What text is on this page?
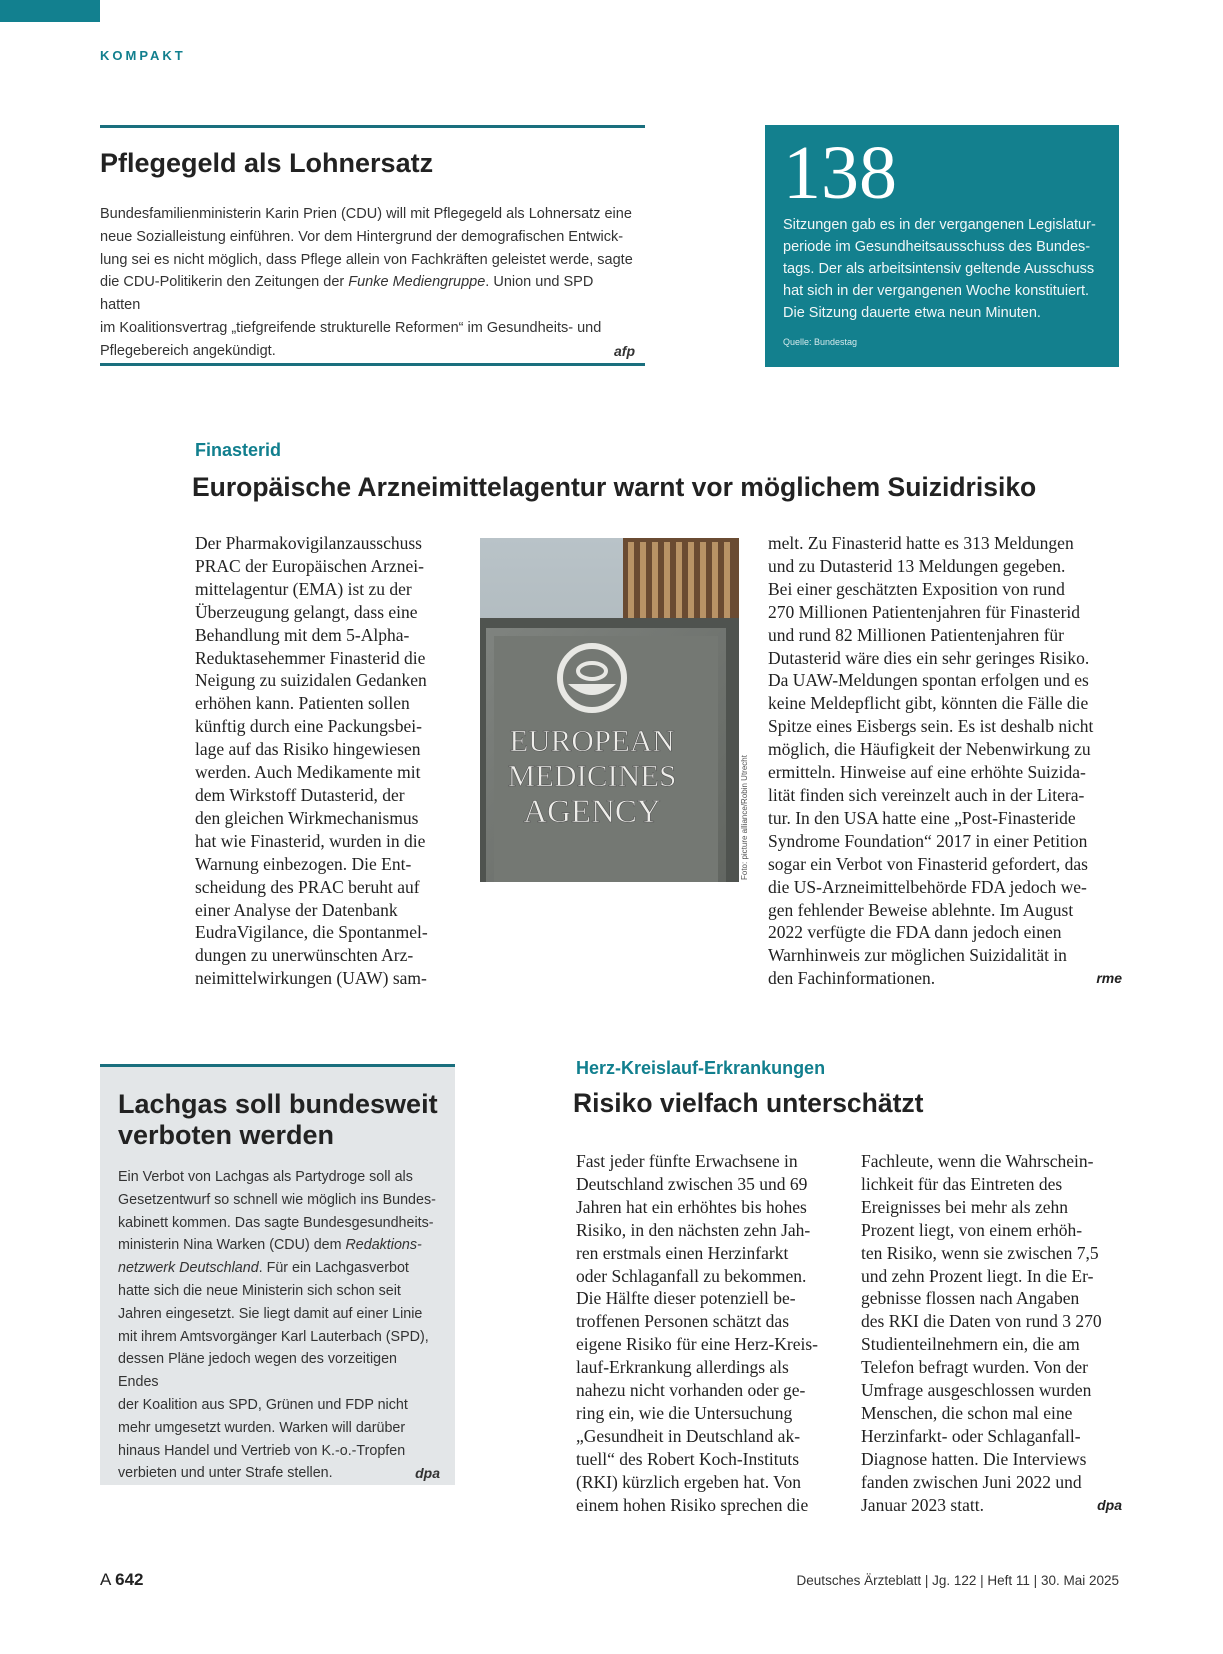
KOMPAKT
Pflegegeld als Lohnersatz
Bundesfamilienministerin Karin Prien (CDU) will mit Pflegegeld als Lohnersatz eine
neue Sozialleistung einführen. Vor dem Hintergrund der demografischen Entwick-
lung sei es nicht möglich, dass Pflege allein von Fachkräften geleistet werde, sagte
die CDU-Politikerin den Zeitungen der Funke Mediengruppe. Union und SPD hatten
im Koalitionsvertrag „tiefgreifende strukturelle Reformen“ im Gesundheits- und
Pflegebereich angekündigt.	afp
138
Sitzungen gab es in der vergangenen Legislatur-
periode im Gesundheitsausschuss des Bundes-
tags. Der als arbeitsintensiv geltende Ausschuss
hat sich in der vergangenen Woche konstituiert.
Die Sitzung dauerte etwa neun Minuten.
Quelle: Bundestag
Finasterid
Europäische Arzneimittelagentur warnt vor möglichem Suizidrisiko
Der Pharmakovigilanzausschuss
PRAC der Europäischen Arznei-
mittelagentur (EMA) ist zu der
Überzeugung gelangt, dass eine
Behandlung mit dem 5-Alpha-
Reduktasehemmer Finasterid die
Neigung zu suizidalen Gedanken
erhöhen kann. Patienten sollen
künftig durch eine Packungsbei-
lage auf das Risiko hingewiesen
werden. Auch Medikamente mit
dem Wirkstoff Dutasterid, der
den gleichen Wirkmechanismus
hat wie Finasterid, wurden in die
Warnung einbezogen. Die Ent-
scheidung des PRAC beruht auf
einer Analyse der Datenbank
EudraVigilance, die Spontanmel-
dungen zu unerwünschten Arz-
neimittelwirkungen (UAW) sam-
EUROPEAN
MEDICINES
AGENCY	Foto: picture alliance/Robin Utrecht
melt. Zu Finasterid hatte es 313 Meldungen
und zu Dutasterid 13 Meldungen gegeben.
Bei einer geschätzten Exposition von rund
270 Millionen Patientenjahren für Finasterid
und rund 82 Millionen Patientenjahren für
Dutasterid wäre dies ein sehr geringes Risiko.
Da UAW-Meldungen spontan erfolgen und es
keine Meldepflicht gibt, könnten die Fälle die
Spitze eines Eisbergs sein. Es ist deshalb nicht
möglich, die Häufigkeit der Nebenwirkung zu
ermitteln. Hinweise auf eine erhöhte Suizida-
lität finden sich vereinzelt auch in der Litera-
tur. In den USA hatte eine „Post-Finasteride
Syndrome Foundation“ 2017 in einer Petition
sogar ein Verbot von Finasterid gefordert, das
die US-Arzneimittelbehörde FDA jedoch we-
gen fehlender Beweise ablehnte. Im August
2022 verfügte die FDA dann jedoch einen
Warnhinweis zur möglichen Suizidalität in
den Fachinformationen.	rme
Lachgas soll bundesweit
verboten werden
Ein Verbot von Lachgas als Partydroge soll als
Gesetzentwurf so schnell wie möglich ins Bundes-
kabinett kommen. Das sagte Bundesgesundheits-
ministerin Nina Warken (CDU) dem Redaktions-
netzwerk Deutschland. Für ein Lachgasverbot
hatte sich die neue Ministerin sich schon seit
Jahren eingesetzt. Sie liegt damit auf einer Linie
mit ihrem Amtsvorgänger Karl Lauterbach (SPD),
dessen Pläne jedoch wegen des vorzeitigen Endes
der Koalition aus SPD, Grünen und FDP nicht
mehr umgesetzt wurden. Warken will darüber
hinaus Handel und Vertrieb von K.-o.-Tropfen
verbieten und unter Strafe stellen.	dpa
Herz-Kreislauf-Erkrankungen
Risiko vielfach unterschätzt
Fast jeder fünfte Erwachsene in
Deutschland zwischen 35 und 69
Jahren hat ein erhöhtes bis hohes
Risiko, in den nächsten zehn Jah-
ren erstmals einen Herzinfarkt
oder Schlaganfall zu bekommen.
Die Hälfte dieser potenziell be-
troffenen Personen schätzt das
eigene Risiko für eine Herz-Kreis-
lauf-Erkrankung allerdings als
nahezu nicht vorhanden oder ge-
ring ein, wie die Untersuchung
„Gesundheit in Deutschland ak-
tuell“ des Robert Koch-Instituts
(RKI) kürzlich ergeben hat. Von
einem hohen Risiko sprechen die
Fachleute, wenn die Wahrschein-
lichkeit für das Eintreten des
Ereignisses bei mehr als zehn
Prozent liegt, von einem erhöh-
ten Risiko, wenn sie zwischen 7,5
und zehn Prozent liegt. In die Er-
gebnisse flossen nach Angaben
des RKI die Daten von rund 3 270
Studienteilnehmern ein, die am
Telefon befragt wurden. Von der
Umfrage ausgeschlossen wurden
Menschen, die schon mal eine
Herzinfarkt- oder Schlaganfall-
Diagnose hatten. Die Interviews
fanden zwischen Juni 2022 und
Januar 2023 statt.	dpa
A 642	Deutsches Ärzteblatt | Jg. 122 | Heft 11 | 30. Mai 2025
